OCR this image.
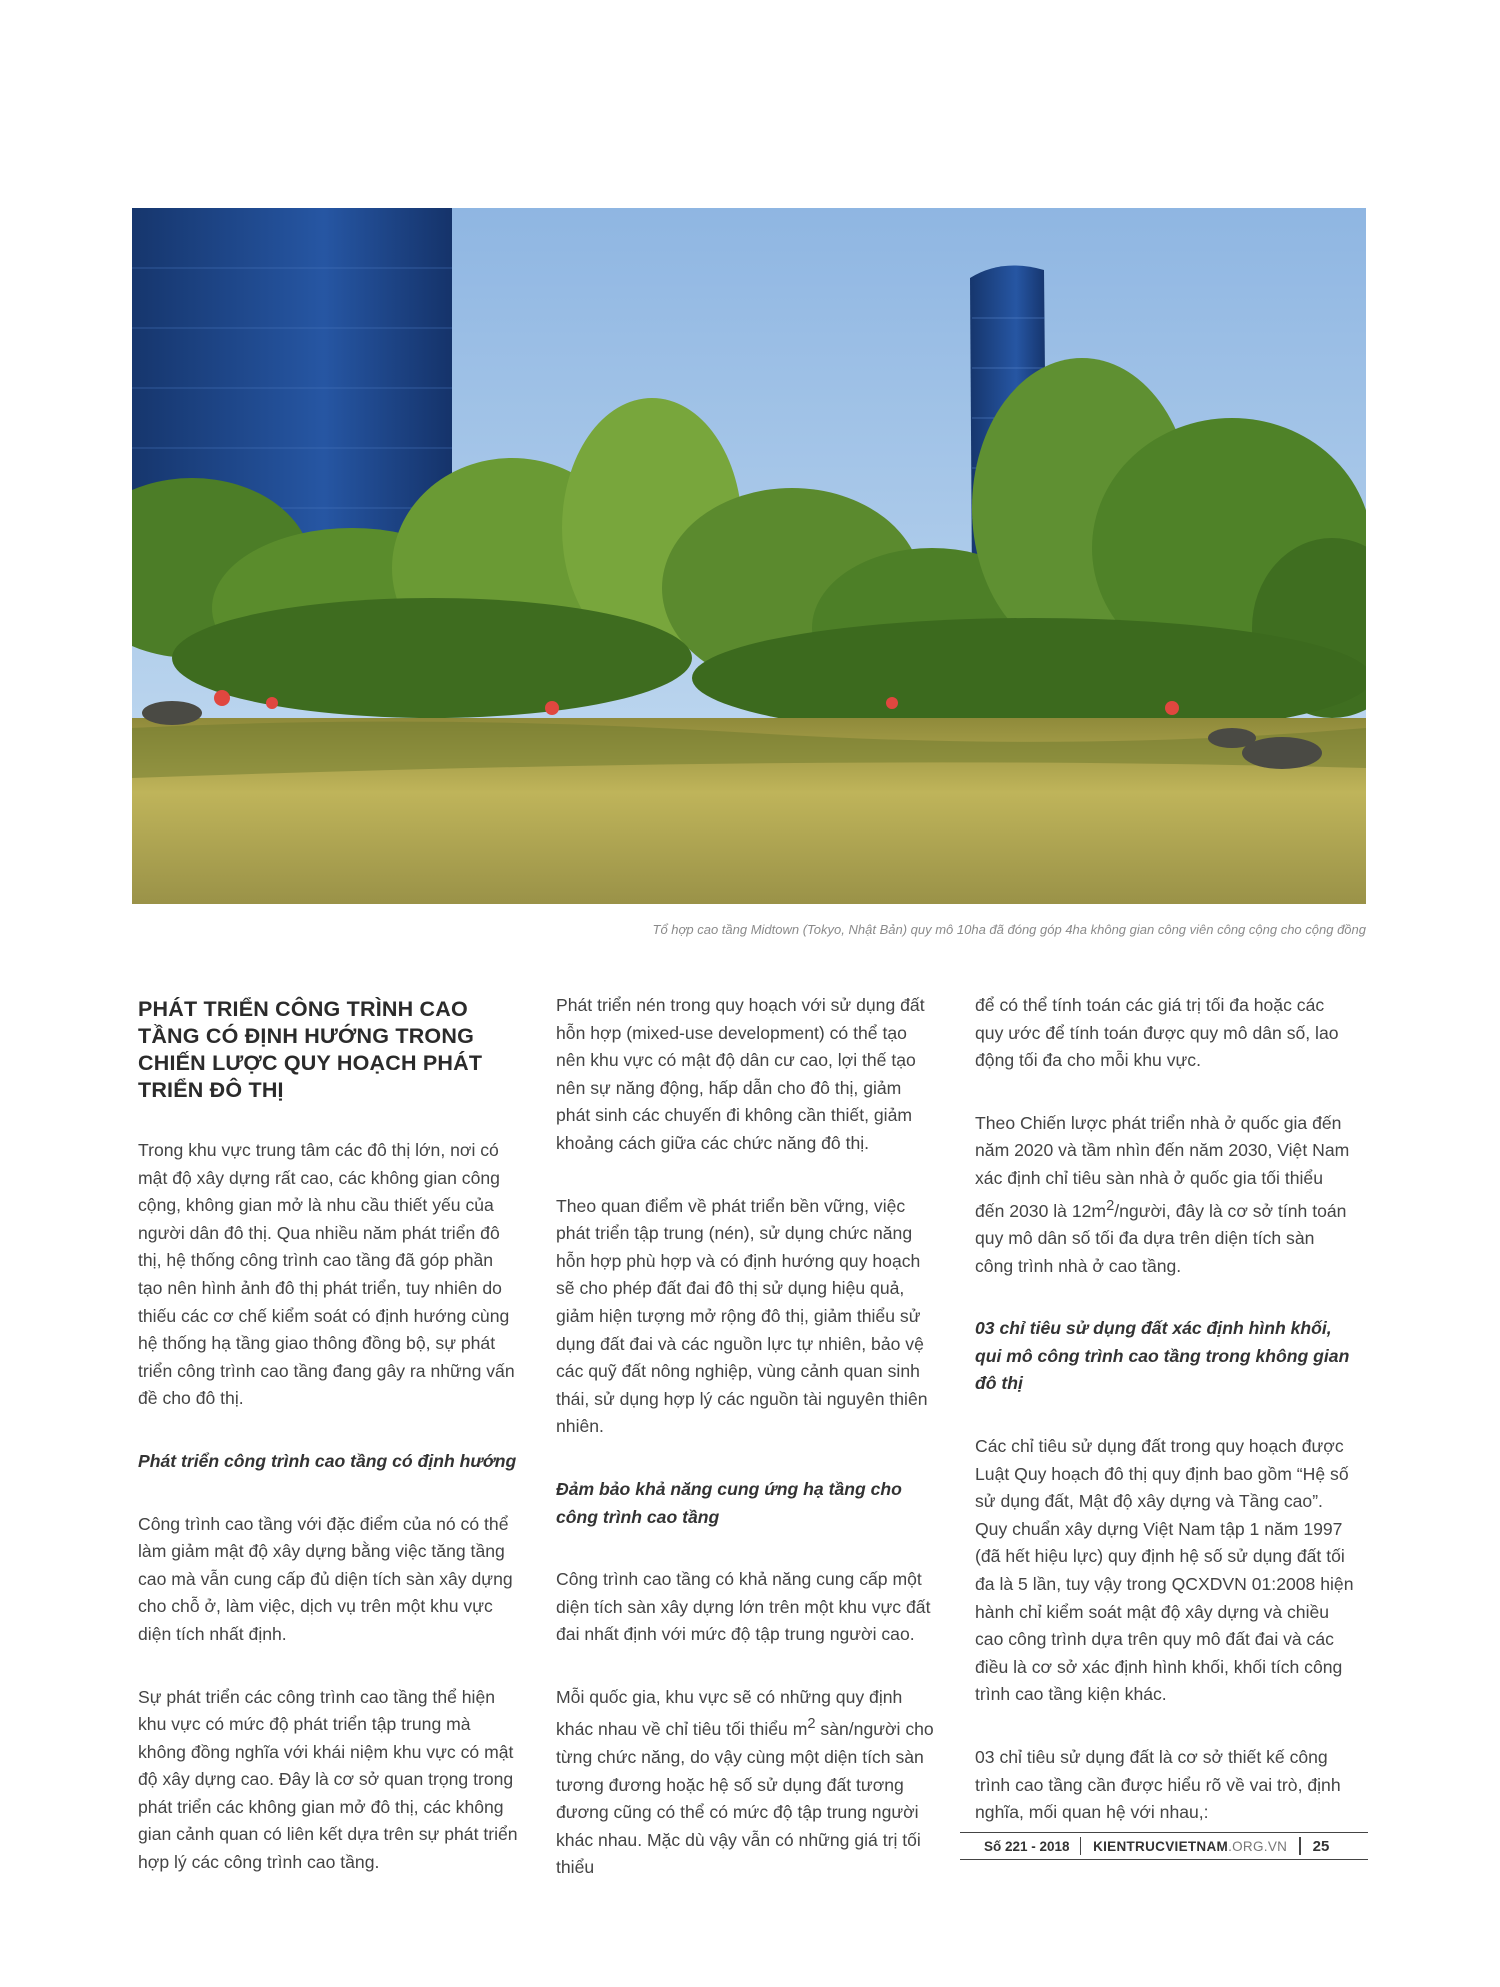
Tổ hợp cao tầng Midtown (Tokyo, Nhật Bản) quy mô 10ha đã đóng góp 4ha không gian công viên công cộng cho cộng đồng
PHÁT TRIỂN CÔNG TRÌNH CAO TẦNG CÓ ĐỊNH HƯỚNG TRONG CHIẾN LƯỢC QUY HOẠCH PHÁT TRIỂN ĐÔ THỊ

Trong khu vực trung tâm các đô thị lớn, nơi có mật độ xây dựng rất cao, các không gian công cộng, không gian mở là nhu cầu thiết yếu của người dân đô thị. Qua nhiều năm phát triển đô thị, hệ thống công trình cao tầng đã góp phần tạo nên hình ảnh đô thị phát triển, tuy nhiên do thiếu các cơ chế kiểm soát có định hướng cùng hệ thống hạ tầng giao thông đồng bộ, sự phát triển công trình cao tầng đang gây ra những vấn đề cho đô thị.

Phát triển công trình cao tầng có định hướng

Công trình cao tầng với đặc điểm của nó có thể làm giảm mật độ xây dựng bằng việc tăng tầng cao mà vẫn cung cấp đủ diện tích sàn xây dựng cho chỗ ở, làm việc, dịch vụ trên một khu vực diện tích nhất định.

Sự phát triển các công trình cao tầng thể hiện khu vực có mức độ phát triển tập trung mà không đồng nghĩa với khái niệm khu vực có mật độ xây dựng cao. Đây là cơ sở quan trọng trong phát triển các không gian mở đô thị, các không gian cảnh quan có liên kết dựa trên sự phát triển hợp lý các công trình cao tầng.

Phát triển nén trong quy hoạch với sử dụng đất hỗn hợp (mixed-use development) có thể tạo nên khu vực có mật độ dân cư cao, lợi thế tạo nên sự năng động, hấp dẫn cho đô thị, giảm phát sinh các chuyến đi không cần thiết, giảm khoảng cách giữa các chức năng đô thị.

Theo quan điểm về phát triển bền vững, việc phát triển tập trung (nén), sử dụng chức năng hỗn hợp phù hợp và có định hướng quy hoạch sẽ cho phép đất đai đô thị sử dụng hiệu quả, giảm hiện tượng mở rộng đô thị, giảm thiểu sử dụng đất đai và các nguồn lực tự nhiên, bảo vệ các quỹ đất nông nghiệp, vùng cảnh quan sinh thái, sử dụng hợp lý các nguồn tài nguyên thiên nhiên.

Đảm bảo khả năng cung ứng hạ tầng cho công trình cao tầng

Công trình cao tầng có khả năng cung cấp một diện tích sàn xây dựng lớn trên một khu vực đất đai nhất định với mức độ tập trung người cao.

Mỗi quốc gia, khu vực sẽ có những quy định khác nhau về chỉ tiêu tối thiểu $m^2$ sàn/người cho từng chức năng, do vậy cùng một diện tích sàn tương đương hoặc hệ số sử dụng đất tương đương cũng có thể có mức độ tập trung người khác nhau. Mặc dù vậy vẫn có những giá trị tối thiểu

để có thể tính toán các giá trị tối đa hoặc các quy ước để tính toán được quy mô dân số, lao động tối đa cho mỗi khu vực.

Theo Chiến lược phát triển nhà ở quốc gia đến năm 2020 và tầm nhìn đến năm 2030, Việt Nam xác định chỉ tiêu sàn nhà ở quốc gia tối thiểu đến 2030 là $12m^2$/người, đây là cơ sở tính toán quy mô dân số tối đa dựa trên diện tích sàn công trình nhà ở cao tầng.

03 chỉ tiêu sử dụng đất xác định hình khối, qui mô công trình cao tầng trong không gian đô thị

Các chỉ tiêu sử dụng đất trong quy hoạch được Luật Quy hoạch đô thị quy định bao gồm “Hệ số sử dụng đất, Mật độ xây dựng và Tầng cao”. Quy chuẩn xây dựng Việt Nam tập 1 năm 1997 (đã hết hiệu lực) quy định hệ số sử dụng đất tối đa là 5 lần, tuy vậy trong QCXDVN 01:2008 hiện hành chỉ kiểm soát mật độ xây dựng và chiều cao công trình dựa trên quy mô đất đai và các điều là cơ sở xác định hình khối, khối tích công trình cao tầng kiện khác.

03 chỉ tiêu sử dụng đất là cơ sở thiết kế công trình cao tầng cần được hiểu rõ về vai trò, định nghĩa, mối quan hệ với nhau,:

Số 221 - 2018	KIENTRUCVIETNAM.ORG.VN	25
